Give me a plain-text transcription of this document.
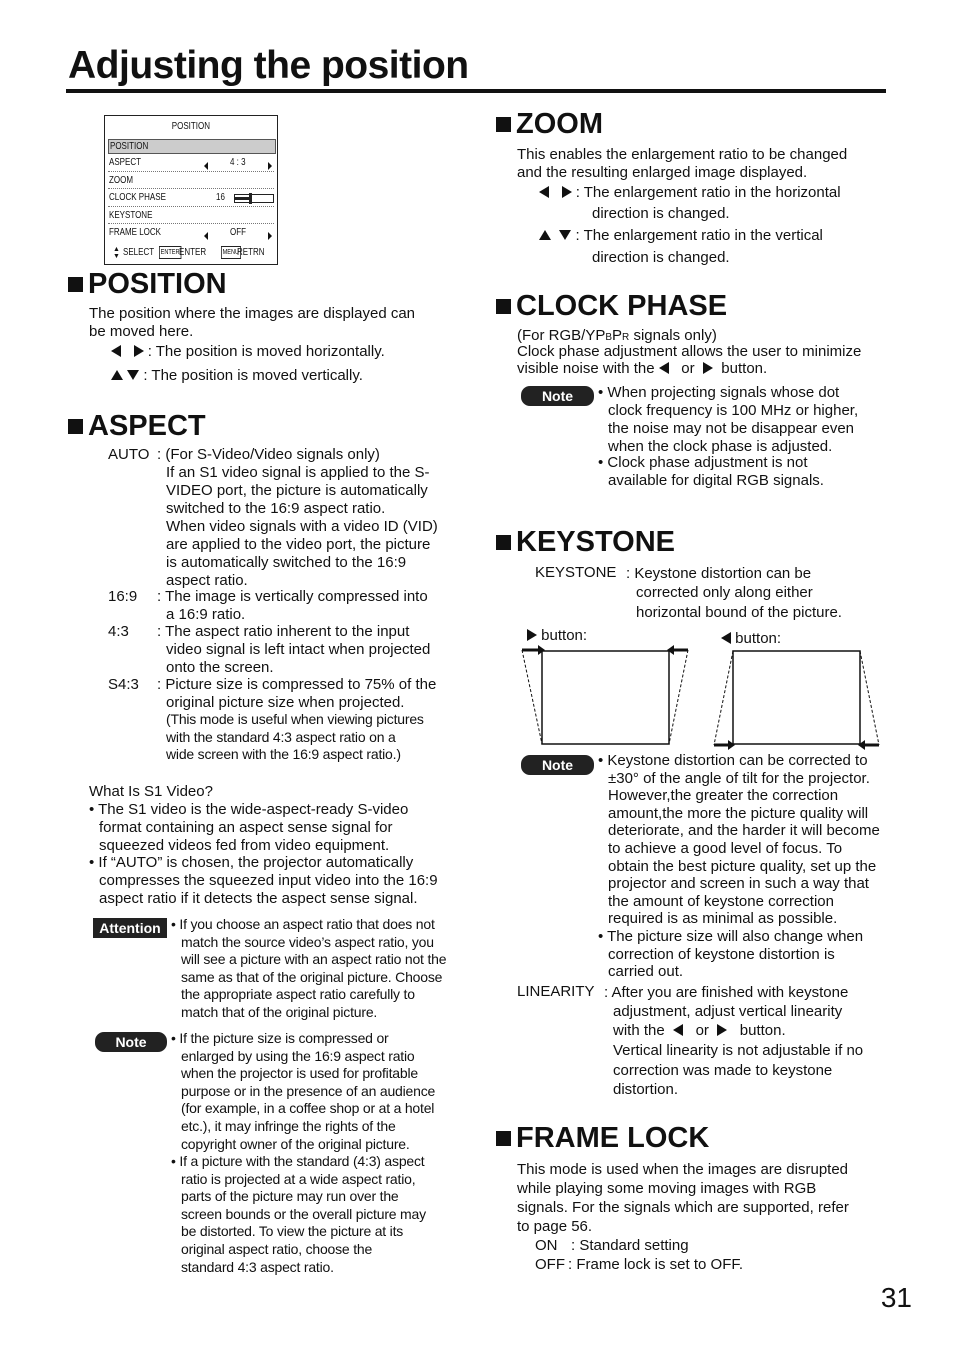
Adjusting the position
POSITION
POSITION
ASPECT	4 : 3
ZOOM
CLOCK PHASE	16
KEYSTONE
FRAME LOCK	OFF
▲
▼ SELECT ENTER ENTER MENU
RETRN
POSITION
The position where the images are displayed can
be moved here.
: The position is moved horizontally.
: The position is moved vertically.
ASPECT
AUTO : (For S-Video/Video signals only)
If an S1 video signal is applied to the S-
VIDEO port, the picture is automatically
switched to the 16:9 aspect ratio.
When video signals with a video ID (VID)
are applied to the video port, the picture
is automatically switched to the 16:9
aspect ratio.
16:9 : The image is vertically compressed into
a 16:9 ratio.
4:3 : The aspect ratio inherent to the input
video signal is left intact when projected
onto the screen.
S4:3 : Picture size is compressed to 75% of the
original picture size when projected.
(This mode is useful when viewing pictures
with the standard 4:3 aspect ratio on a
wide screen with the 16:9 aspect ratio.)
What Is S1 Video?
• The S1 video is the wide-aspect-ready S-video
format containing an aspect sense signal for
squeezed videos fed from video equipment.
• If “AUTO” is chosen, the projector automatically
compresses the squeezed input video into the 16:9
aspect ratio if it detects the aspect sense signal.
Attention • If you choose an aspect ratio that does not
match the source video’s aspect ratio, you
will see a picture with an aspect ratio not the
same as that of the original picture. Choose
the appropriate aspect ratio carefully to
match that of the original picture.
Note	• If the picture size is compressed or
enlarged by using the 16:9 aspect ratio
when the projector is used for profitable
purpose or in the presence of an audience
(for example, in a coffee shop or at a hotel
etc.), it may infringe the rights of the
copyright owner of the original picture.
• If a picture with the standard (4:3) aspect
ratio is projected at a wide aspect ratio,
parts of the picture may run over the
screen bounds or the overall picture may
be distorted. To view the picture at its
original aspect ratio, choose the
standard 4:3 aspect ratio.
ZOOM
This enables the enlargement ratio to be changed
and the resulting enlarged image displayed.
: The enlargement ratio in the horizontal
direction is changed.
: The enlargement ratio in the vertical
direction is changed.
CLOCK PHASE
(For RGB/YPBPR signals only)
Clock phase adjustment allows the user to minimize
visible noise with the or button.
Note	• When projecting signals whose dot
clock frequency is 100 MHz or higher,
the noise may not be disappear even
when the clock phase is adjusted.
• Clock phase adjustment is not
available for digital RGB signals.
KEYSTONE
KEYSTONE : Keystone distortion can be
corrected only along either
horizontal bound of the picture.
button:	button:
Note	• Keystone distortion can be corrected to
±30° of the angle of tilt for the projector.
However,the greater the correction
amount,the more the picture quality will
deteriorate, and the harder it will become
to achieve a good level of focus. To
obtain the best picture quality, set up the
projector and screen in such a way that
the amount of keystone correction
required is as minimal as possible.
• The picture size will also change when
correction of keystone distortion is
carried out.
LINEARITY : After you are finished with keystone
adjustment, adjust vertical linearity
with the or button.
Vertical linearity is not adjustable if no
correction was made to keystone
distortion.
FRAME LOCK
This mode is used when the images are disrupted
while playing some moving images with RGB
signals. For the signals which are supported, refer
to page 56.
ON : Standard setting
OFF : Frame lock is set to OFF.
31
